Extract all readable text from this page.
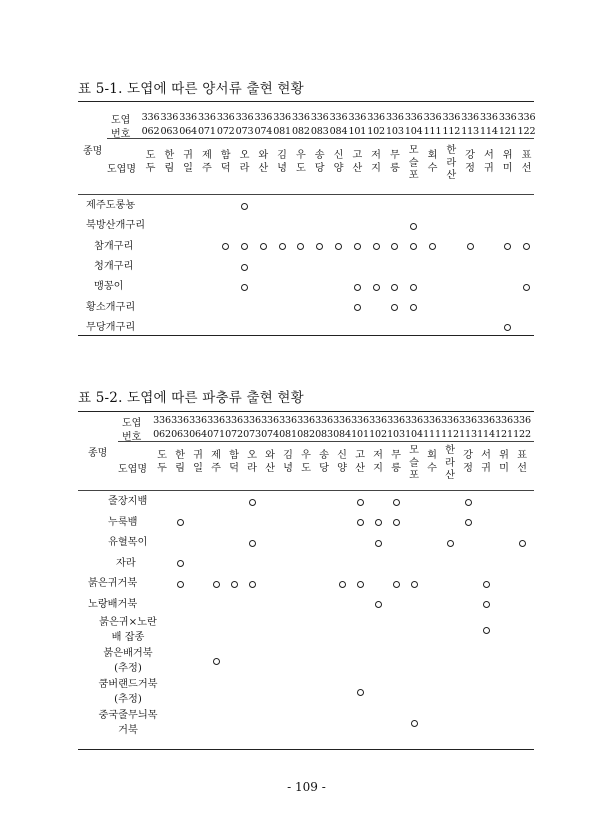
표 5-1. 도엽에 따른 양서류 출현 현황
도엽
번호
종명
도엽명
336
062
도
두
336
063
한
림
336
064
귀
일
336
071
제
주
336
072
함
덕
336
073
오
라
336
074
와
산
336
081
김
녕
336
082
우
도
336
083
송
당
336
084
신
양
336
101
고
산
336
102
저
지
336
103
무
릉
336
104
모
슬
포
336
111
회
수
336
112
한
라
산
336
113
강
정
336
114
서
귀
336
121
위
미
336
122
표
선
제주도롱뇽
북방산개구리
참개구리
청개구리
맹꽁이
황소개구리
무당개구리
표 5-2. 도엽에 따른 파충류 출현 현황
도엽
번호
종명
도엽명
336
062
도
두
336
063
한
림
336
064
귀
일
336
071
제
주
336
072
함
덕
336
073
오
라
336
074
와
산
336
081
김
녕
336
082
우
도
336
083
송
당
336
084
신
양
336
101
고
산
336
102
저
지
336
103
무
릉
336
104
모
슬
포
336
111
회
수
336
112
한
라
산
336
113
강
정
336
114
서
귀
336
121
위
미
336
122
표
선
줄장지뱀
누룩뱀
유혈목이
자라
붉은귀거북
노랑배거북
붉은귀×노란
배 잡종
붉은배거북
(추정)
쿰버랜드거북
(추정)
중국줄무늬목
거북
- 109 -
